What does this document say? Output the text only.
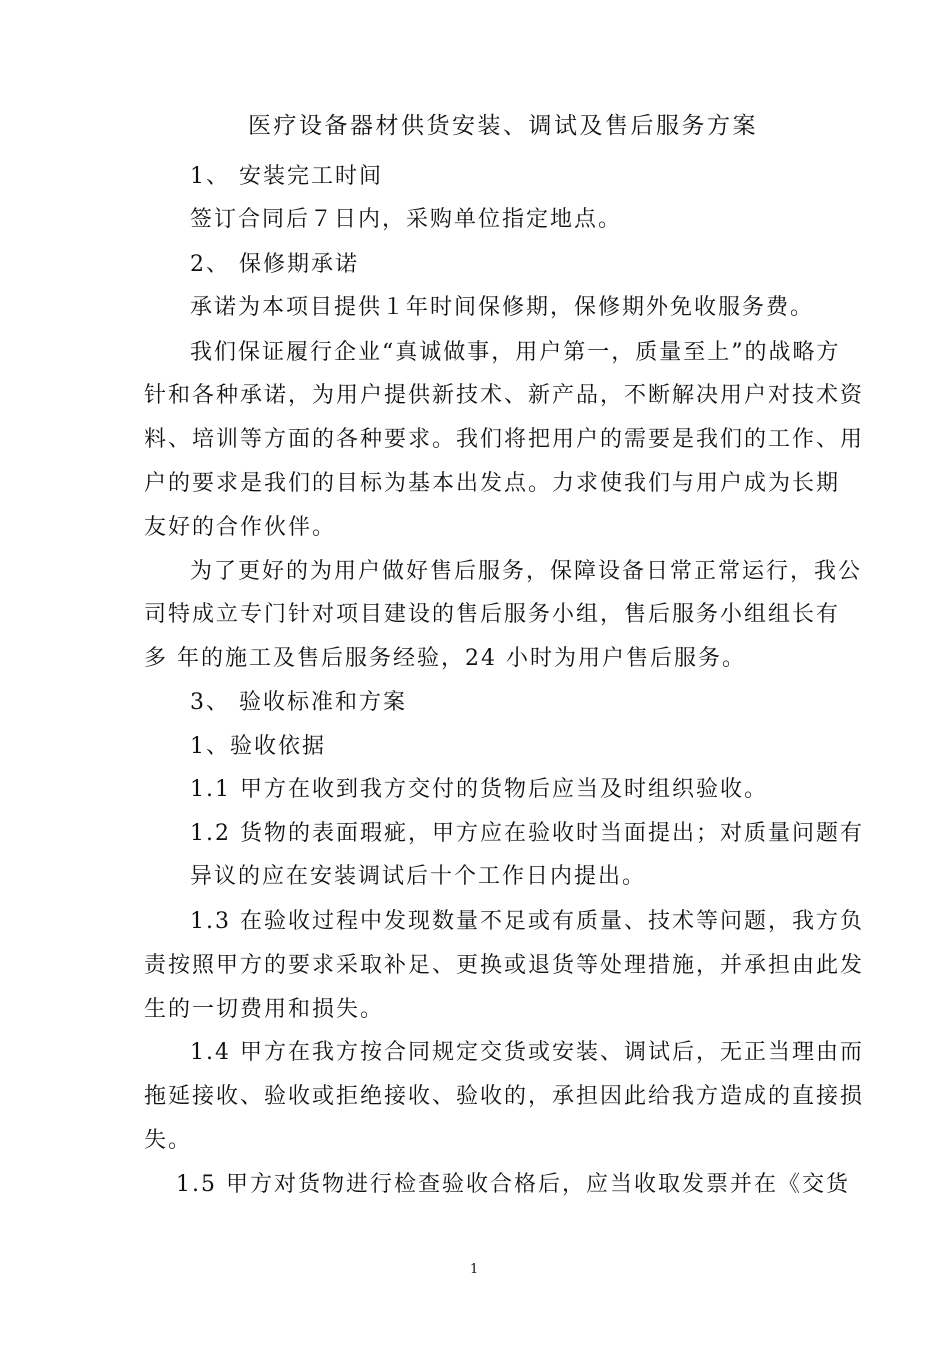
医疗设备器材供货安装、调试及售后服务方案
1、 安装完工时间
签订合同后７日内，采购单位指定地点。
2、 保修期承诺
承诺为本项目提供１年时间保修期，保修期外免收服务费。
我们保证履行企业“真诚做事，用户第一，质量至上”的战略方
针和各种承诺，为用户提供新技术、新产品，不断解决用户对技术资
料、培训等方面的各种要求。我们将把用户的需要是我们的工作、用
户的要求是我们的目标为基本出发点。力求使我们与用户成为长期
友好的合作伙伴。
为了更好的为用户做好售后服务，保障设备日常正常运行，我公
司特成立专门针对项目建设的售后服务小组，售后服务小组组长有
多 年的施工及售后服务经验，24 小时为用户售后服务。
3、 验收标准和方案
1、验收依据
1.1 甲方在收到我方交付的货物后应当及时组织验收。
1.2 货物的表面瑕疵，甲方应在验收时当面提出；对质量问题有
异议的应在安装调试后十个工作日内提出。
1.3 在验收过程中发现数量不足或有质量、技术等问题，我方负
责按照甲方的要求采取补足、更换或退货等处理措施，并承担由此发
生的一切费用和损失。
1.4 甲方在我方按合同规定交货或安装、调试后，无正当理由而
拖延接收、验收或拒绝接收、验收的，承担因此给我方造成的直接损
失。
1.5 甲方对货物进行检查验收合格后，应当收取发票并在《交货
1
